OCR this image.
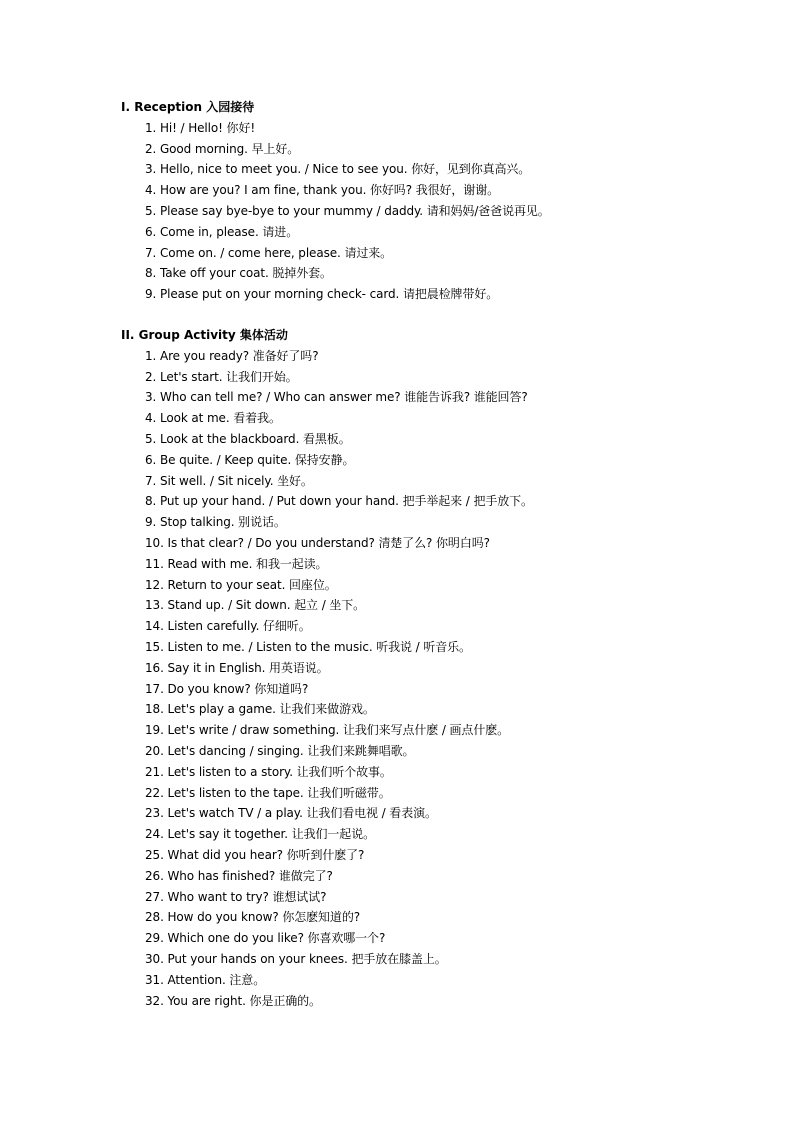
I. Reception 入园接待
1. Hi! / Hello! 你好!
2. Good morning. 早上好。
3. Hello, nice to meet you. / Nice to see you. 你好，见到你真高兴。
4. How are you? I am fine, thank you. 你好吗? 我很好，谢谢。
5. Please say bye-bye to your mummy / daddy. 请和妈妈/爸爸说再见。
6. Come in, please. 请进。
7. Come on. / come here, please. 请过来。
8. Take off your coat. 脱掉外套。
9. Please put on your morning check- card. 请把晨检牌带好。
II. Group Activity 集体活动
1. Are you ready? 准备好了吗?
2. Let's start. 让我们开始。
3. Who can tell me? / Who can answer me? 谁能告诉我? 谁能回答?
4. Look at me. 看着我。
5. Look at the blackboard. 看黑板。
6. Be quite. / Keep quite. 保持安静。
7. Sit well. / Sit nicely. 坐好。
8. Put up your hand. / Put down your hand. 把手举起来 / 把手放下。
9. Stop talking. 别说话。
10. Is that clear? / Do you understand? 清楚了么? 你明白吗?
11. Read with me. 和我一起读。
12. Return to your seat. 回座位。
13. Stand up. / Sit down. 起立 / 坐下。
14. Listen carefully. 仔细听。
15. Listen to me. / Listen to the music. 听我说 / 听音乐。
16. Say it in English. 用英语说。
17. Do you know? 你知道吗?
18. Let's play a game. 让我们来做游戏。
19. Let's write / draw something. 让我们来写点什麽 / 画点什麽。
20. Let's dancing / singing. 让我们来跳舞唱歌。
21. Let's listen to a story. 让我们听个故事。
22. Let's listen to the tape. 让我们听磁带。
23. Let's watch TV / a play. 让我们看电视 / 看表演。
24. Let's say it together. 让我们一起说。
25. What did you hear? 你听到什麽了?
26. Who has finished? 谁做完了?
27. Who want to try? 谁想试试?
28. How do you know? 你怎麽知道的?
29. Which one do you like? 你喜欢哪一个?
30. Put your hands on your knees. 把手放在膝盖上。
31. Attention. 注意。
32. You are right. 你是正确的。
